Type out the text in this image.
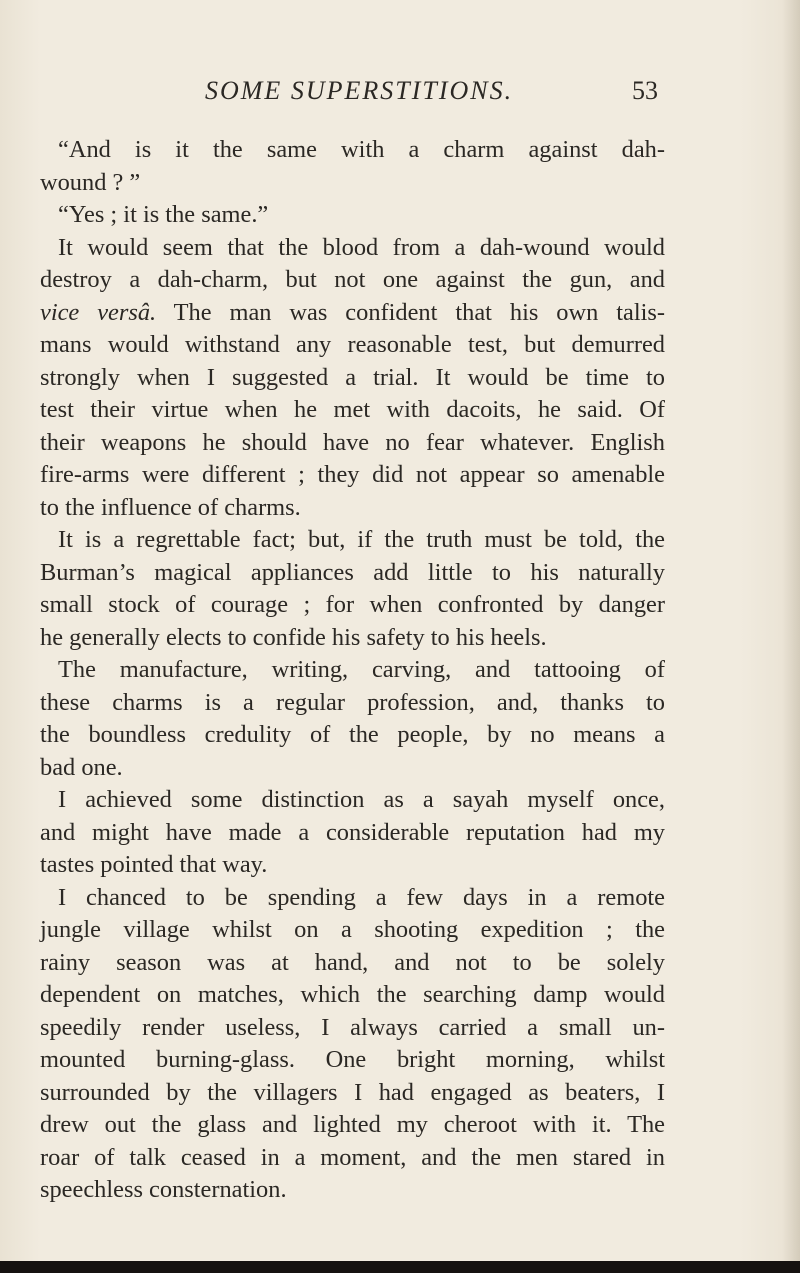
SOME SUPERSTITIONS.	53
“And is it the same with a charm against dah-
wound ? ”
“Yes ; it is the same.”
It would seem that the blood from a dah-wound would
destroy a dah-charm, but not one against the gun, and
vice versâ. The man was confident that his own talis-
mans would withstand any reasonable test, but demurred
strongly when I suggested a trial. It would be time to
test their virtue when he met with dacoits, he said. Of
their weapons he should have no fear whatever. English
fire-arms were different ; they did not appear so amenable
to the influence of charms.
It is a regrettable fact; but, if the truth must be told, the
Burman’s magical appliances add little to his naturally
small stock of courage ; for when confronted by danger
he generally elects to confide his safety to his heels.
The manufacture, writing, carving, and tattooing of
these charms is a regular profession, and, thanks to
the boundless credulity of the people, by no means a
bad one.
I achieved some distinction as a sayah myself once,
and might have made a considerable reputation had my
tastes pointed that way.
I chanced to be spending a few days in a remote
jungle village whilst on a shooting expedition ; the
rainy season was at hand, and not to be solely
dependent on matches, which the searching damp would
speedily render useless, I always carried a small un-
mounted burning-glass. One bright morning, whilst
surrounded by the villagers I had engaged as beaters, I
drew out the glass and lighted my cheroot with it. The
roar of talk ceased in a moment, and the men stared in
speechless consternation.
